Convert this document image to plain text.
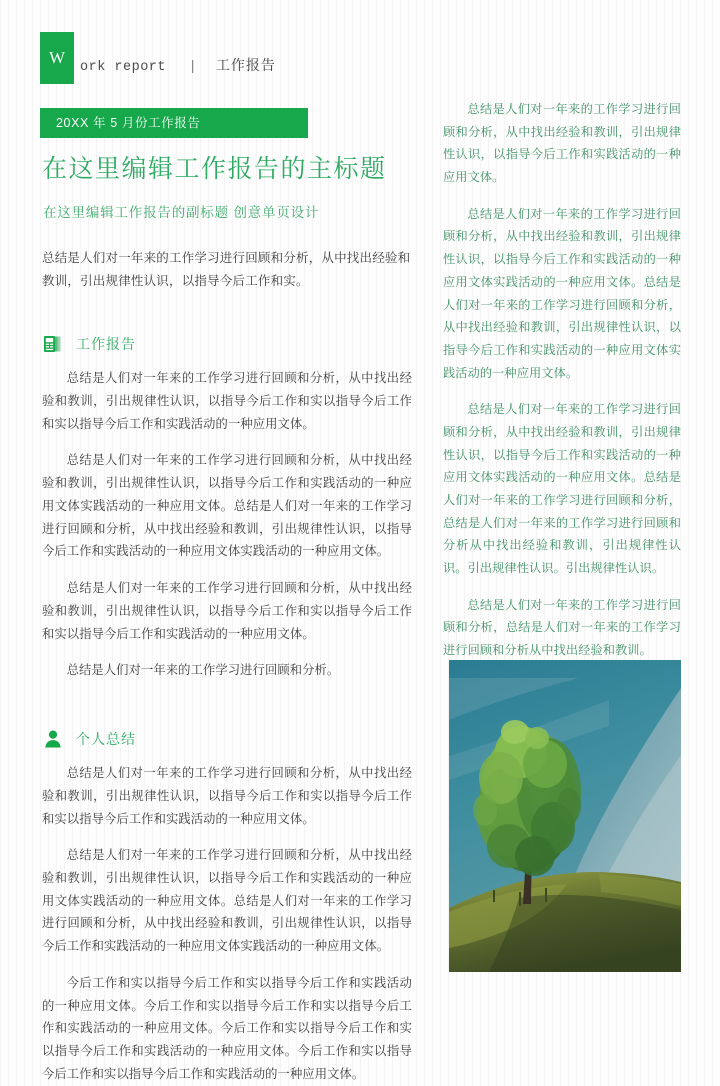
W
ork report | 工作报告
20XX 年 5 月份工作报告
在这里编辑工作报告的主标题
在这里编辑工作报告的副标题 创意单页设计

总结是人们对一年来的工作学习进行回顾和分析，从中找出经验和教训，引出规律性认识，以指导今后工作和实。

工作报告

总结是人们对一年来的工作学习进行回顾和分析，从中找出经验和教训，引出规律性认识，以指导今后工作和实以指导今后工作和实以指导今后工作和实践活动的一种应用文体。

总结是人们对一年来的工作学习进行回顾和分析，从中找出经验和教训，引出规律性认识，以指导今后工作和实践活动的一种应用文体实践活动的一种应用文体。总结是人们对一年来的工作学习进行回顾和分析，从中找出经验和教训，引出规律性认识，以指导今后工作和实践活动的一种应用文体实践活动的一种应用文体。

总结是人们对一年来的工作学习进行回顾和分析，从中找出经验和教训，引出规律性认识，以指导今后工作和实以指导今后工作和实以指导今后工作和实践活动的一种应用文体。

总结是人们对一年来的工作学习进行回顾和分析。

个人总结

总结是人们对一年来的工作学习进行回顾和分析，从中找出经验和教训，引出规律性认识，以指导今后工作和实以指导今后工作和实以指导今后工作和实践活动的一种应用文体。

总结是人们对一年来的工作学习进行回顾和分析，从中找出经验和教训，引出规律性认识，以指导今后工作和实践活动的一种应用文体实践活动的一种应用文体。总结是人们对一年来的工作学习进行回顾和分析，从中找出经验和教训，引出规律性认识，以指导今后工作和实践活动的一种应用文体实践活动的一种应用文体。

今后工作和实以指导今后工作和实以指导今后工作和实践活动的一种应用文体。今后工作和实以指导今后工作和实以指导今后工作和实践活动的一种应用文体。今后工作和实以指导今后工作和实以指导今后工作和实践活动的一种应用文体。今后工作和实以指导今后工作和实以指导今后工作和实践活动的一种应用文体。

总结是人们对一年来的工作学习进行回顾和分析，从中找出经验和教训，引出规律性认识，以指导今后工作和实践活动的一种应用文体。

总结是人们对一年来的工作学习进行回顾和分析，从中找出经验和教训，引出规律性认识，以指导今后工作和实践活动的一种应用文体实践活动的一种应用文体。总结是人们对一年来的工作学习进行回顾和分析，从中找出经验和教训，引出规律性认识，以指导今后工作和实践活动的一种应用文体实践活动的一种应用文体。

总结是人们对一年来的工作学习进行回顾和分析，从中找出经验和教训，引出规律性认识，以指导今后工作和实践活动的一种应用文体实践活动的一种应用文体。总结是人们对一年来的工作学习进行回顾和分析，总结是人们对一年来的工作学习进行回顾和分析从中找出经验和教训，引出规律性认识。引出规律性认识。引出规律性认识。

总结是人们对一年来的工作学习进行回顾和分析，总结是人们对一年来的工作学习进行回顾和分析从中找出经验和教训。
